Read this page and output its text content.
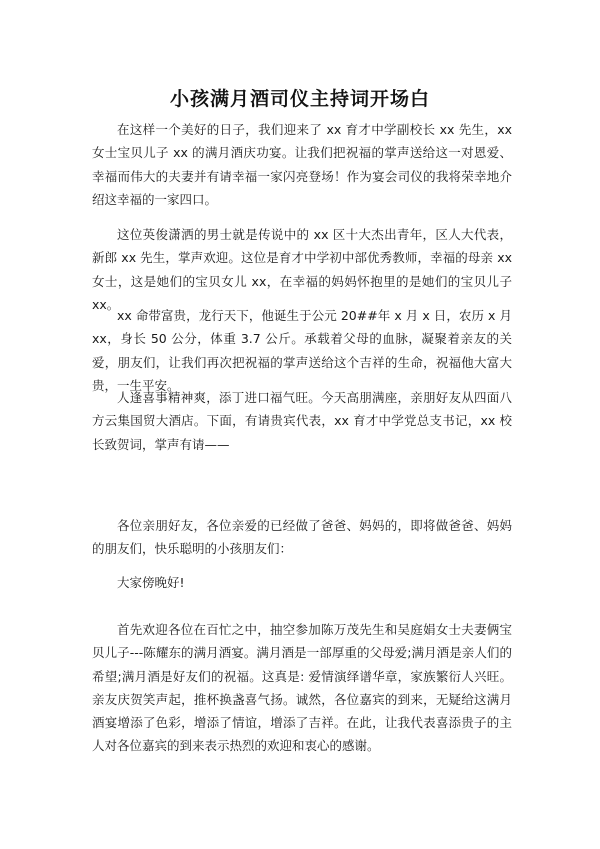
小孩满月酒司仪主持词开场白

在这样一个美好的日子，我们迎来了 xx 育才中学副校长 xx 先生，xx 女士宝贝儿子 xx 的满月酒庆功宴。让我们把祝福的掌声送给这一对恩爱、幸福而伟大的夫妻并有请幸福一家闪亮登场！作为宴会司仪的我将荣幸地介绍这幸福的一家四口。

这位英俊潇洒的男士就是传说中的 xx 区十大杰出青年，区人大代表，新郎 xx 先生，掌声欢迎。这位是育才中学初中部优秀教师，幸福的母亲 xx 女士，这是她们的宝贝女儿 xx，在幸福的妈妈怀抱里的是她们的宝贝儿子 xx。

xx 命带富贵，龙行天下，他诞生于公元 20##年 x 月 x 日，农历 x 月 xx，身长 50 公分，体重 3.7 公斤。承载着父母的血脉，凝聚着亲友的关爱，朋友们，让我们再次把祝福的掌声送给这个吉祥的生命，祝福他大富大贵，一生平安。

人逢喜事精神爽，添丁进口福气旺。今天高朋满座，亲朋好友从四面八方云集国贸大酒店。下面，有请贵宾代表，xx 育才中学党总支书记，xx 校长致贺词，掌声有请——

各位亲朋好友，各位亲爱的已经做了爸爸、妈妈的，即将做爸爸、妈妈的朋友们，快乐聪明的小孩朋友们：

大家傍晚好!

首先欢迎各位在百忙之中，抽空参加陈万茂先生和吴庭娟女士夫妻俩宝贝儿子---陈耀东的满月酒宴。满月酒是一部厚重的父母爱;满月酒是亲人们的希望;满月酒是好友们的祝福。这真是: 爱情演绎谱华章，家族繁衍人兴旺。亲友庆贺笑声起，推杯换盏喜气扬。诚然，各位嘉宾的到来，无疑给这满月酒宴增添了色彩，增添了情谊，增添了吉祥。在此，让我代表喜添贵子的主人对各位嘉宾的到来表示热烈的欢迎和衷心的感谢。
